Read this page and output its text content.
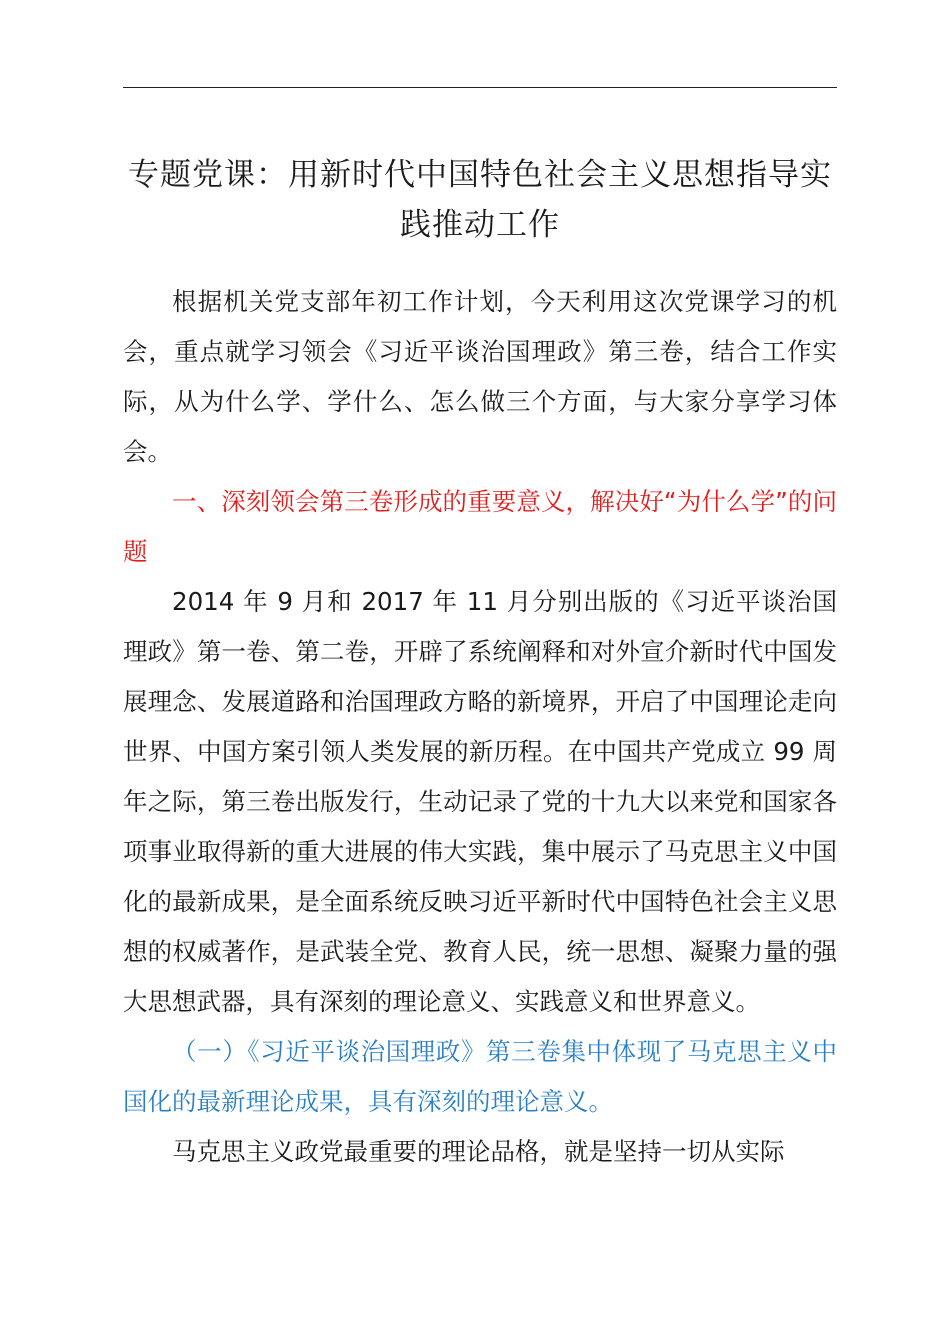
专题党课：用新时代中国特色社会主义思想指导实践推动工作

根据机关党支部年初工作计划，今天利用这次党课学习的机会，重点就学习领会《习近平谈治国理政》第三卷，结合工作实际，从为什么学、学什么、怎么做三个方面，与大家分享学习体会。

一、深刻领会第三卷形成的重要意义，解决好“为什么学”的问题

2014 年 9 月和 2017 年 11 月分别出版的《习近平谈治国理政》第一卷、第二卷，开辟了系统阐释和对外宣介新时代中国发展理念、发展道路和治国理政方略的新境界，开启了中国理论走向世界、中国方案引领人类发展的新历程。在中国共产党成立 99 周年之际，第三卷出版发行，生动记录了党的十九大以来党和国家各项事业取得新的重大进展的伟大实践，集中展示了马克思主义中国化的最新成果，是全面系统反映习近平新时代中国特色社会主义思想的权威著作，是武装全党、教育人民，统一思想、凝聚力量的强大思想武器，具有深刻的理论意义、实践意义和世界意义。

（一）《习近平谈治国理政》第三卷集中体现了马克思主义中国化的最新理论成果，具有深刻的理论意义。

马克思主义政党最重要的理论品格，就是坚持一切从实际
